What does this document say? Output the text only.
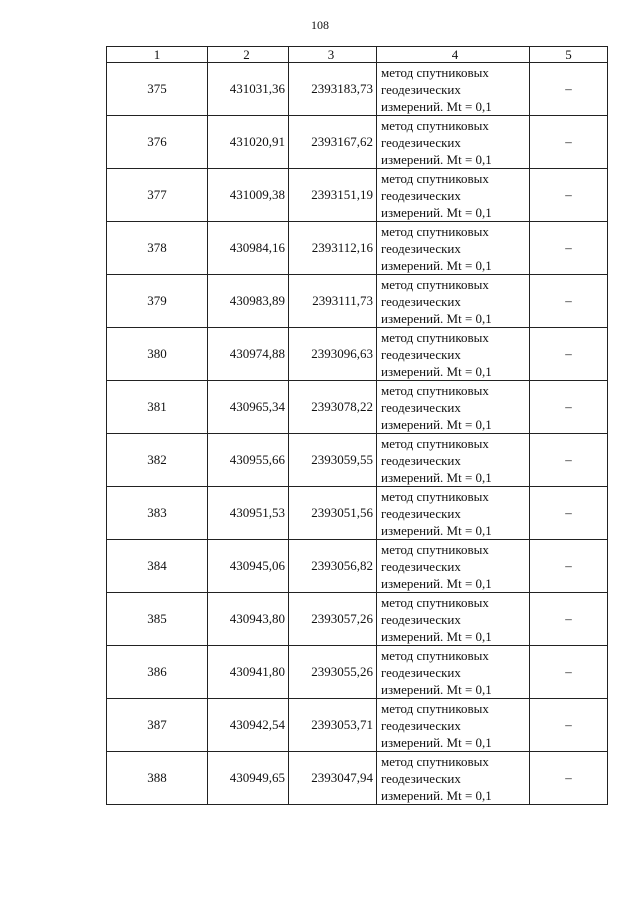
108
1	2	3	4	5
375	431031,36	2393183,73	метод спутниковых
геодезических
измерений. Mt = 0,1	–
376	431020,91	2393167,62	метод спутниковых
геодезических
измерений. Mt = 0,1	–
377	431009,38	2393151,19	метод спутниковых
геодезических
измерений. Mt = 0,1	–
378	430984,16	2393112,16	метод спутниковых
геодезических
измерений. Mt = 0,1	–
379	430983,89	2393111,73	метод спутниковых
геодезических
измерений. Mt = 0,1	–
380	430974,88	2393096,63	метод спутниковых
геодезических
измерений. Mt = 0,1	–
381	430965,34	2393078,22	метод спутниковых
геодезических
измерений. Mt = 0,1	–
382	430955,66	2393059,55	метод спутниковых
геодезических
измерений. Mt = 0,1	–
383	430951,53	2393051,56	метод спутниковых
геодезических
измерений. Mt = 0,1	–
384	430945,06	2393056,82	метод спутниковых
геодезических
измерений. Mt = 0,1	–
385	430943,80	2393057,26	метод спутниковых
геодезических
измерений. Mt = 0,1	–
386	430941,80	2393055,26	метод спутниковых
геодезических
измерений. Mt = 0,1	–
387	430942,54	2393053,71	метод спутниковых
геодезических
измерений. Mt = 0,1	–
388	430949,65	2393047,94	метод спутниковых
геодезических
измерений. Mt = 0,1	–
